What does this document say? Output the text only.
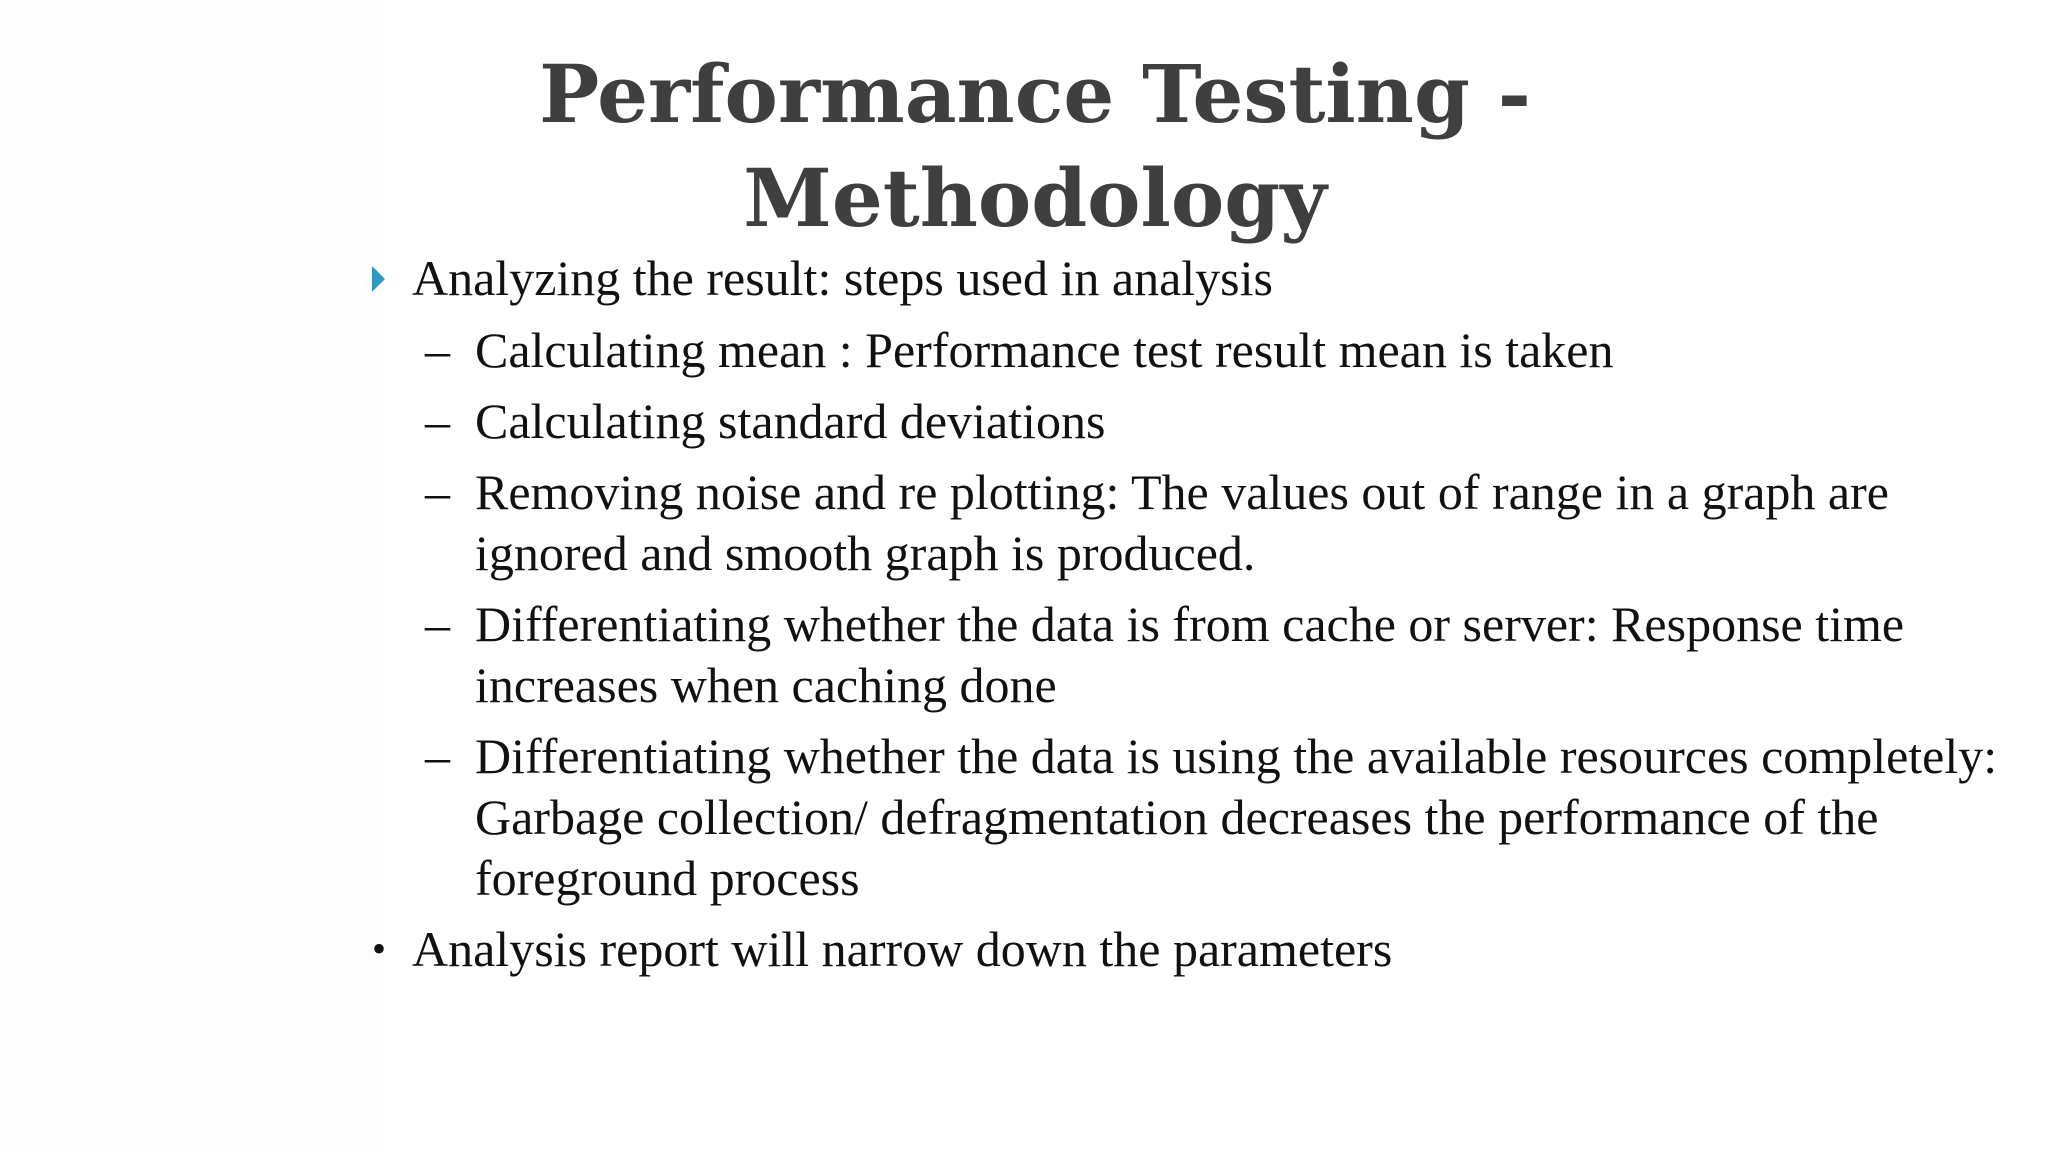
Performance Testing - Methodology
Analyzing the result: steps used in analysis
– Calculating mean : Performance test result mean is taken
– Calculating standard deviations
– Removing noise and re plotting: The values out of range in a graph are ignored and smooth graph is produced.
– Differentiating whether the data is from cache or server: Response time increases when caching done
– Differentiating whether the data is using the available resources completely: Garbage collection/ defragmentation decreases the performance of the foreground process
• Analysis report will narrow down the parameters
